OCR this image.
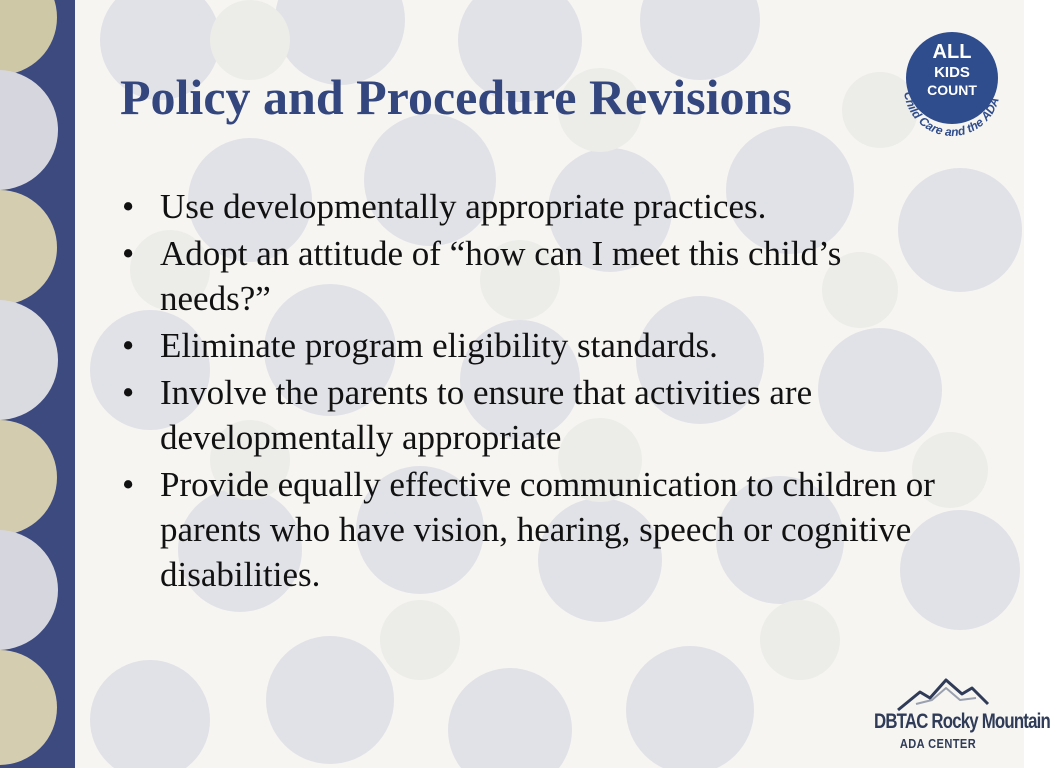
Policy and Procedure Revisions
• Use developmentally appropriate practices.
• Adopt an attitude of “how can I meet this child’s needs?”
• Eliminate program eligibility standards.
• Involve the parents to ensure that activities are developmentally appropriate
• Provide equally effective communication to children or parents who have vision, hearing, speech or cognitive disabilities.
ALL
KIDS
COUNT
Child Care and the ADA
DBTAC Rocky Mountain
ADA CENTER
